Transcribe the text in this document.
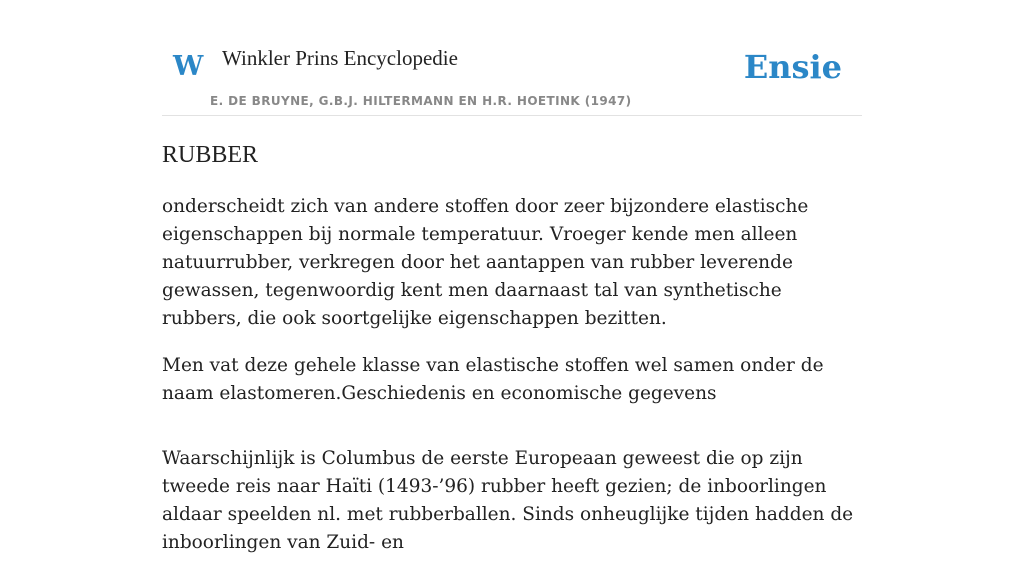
W Winkler Prins Encyclopedie	Ensie
E. DE BRUYNE, G.B.J. HILTERMANN EN H.R. HOETINK (1947)
RUBBER

onderscheidt zich van andere stoffen door zeer bijzondere elastische eigenschappen bij normale temperatuur. Vroeger kende men alleen natuurrubber, verkregen door het aantappen van rubber leverende gewassen, tegenwoordig kent men daarnaast tal van synthetische rubbers, die ook soortgelijke eigenschappen bezitten.

Men vat deze gehele klasse van elastische stoffen wel samen onder de naam elastomeren.Geschiedenis en economische gegevens

Waarschijnlijk is Columbus de eerste Europeaan geweest die op zijn tweede reis naar Haïti (1493-’96) rubber heeft gezien; de inboorlingen aldaar speelden nl. met rubberballen. Sinds onheuglijke tijden hadden de inboorlingen van Zuid- en
